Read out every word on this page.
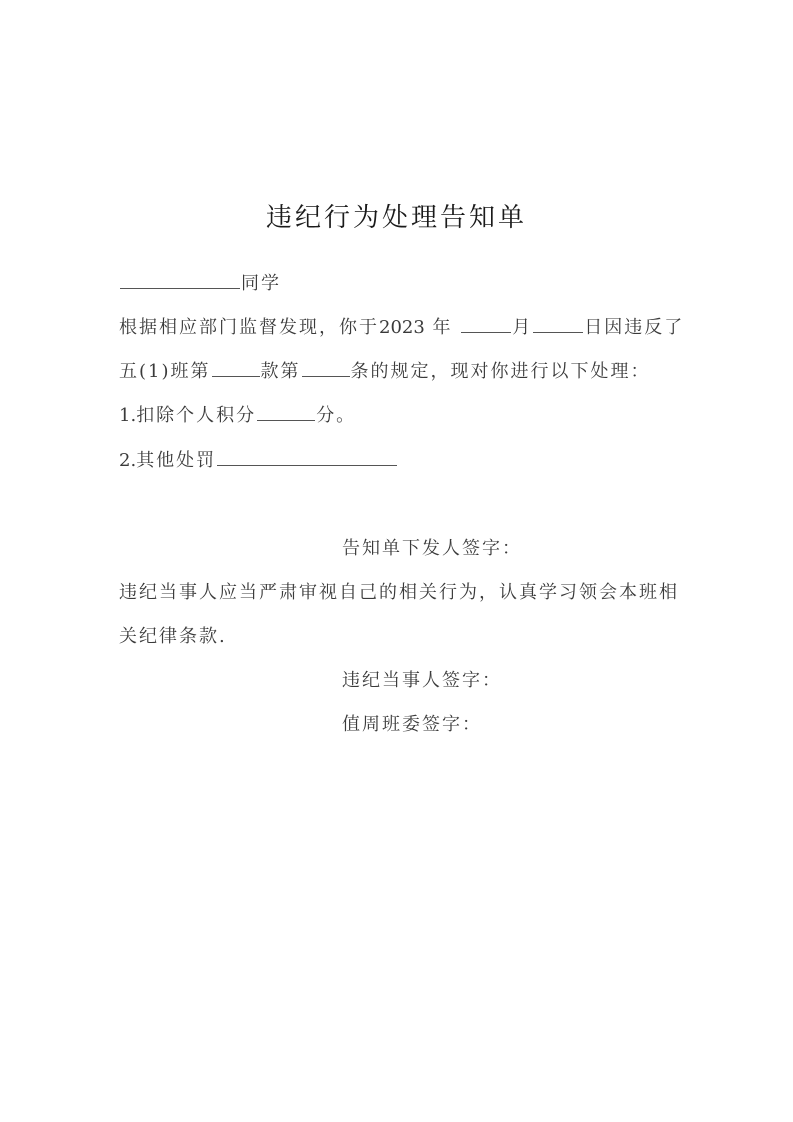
违纪行为处理告知单
同学
根据相应部门监督发现，你于2023 年	月	日因违反了
五(1)班第	款第	条的规定，现对你进行以下处理：
1.扣除个人积分	分。
2.其他处罚
告知单下发人签字：
违纪当事人应当严肃审视自己的相关行为，认真学习领会本班相
关纪律条款.
违纪当事人签字：
值周班委签字：
